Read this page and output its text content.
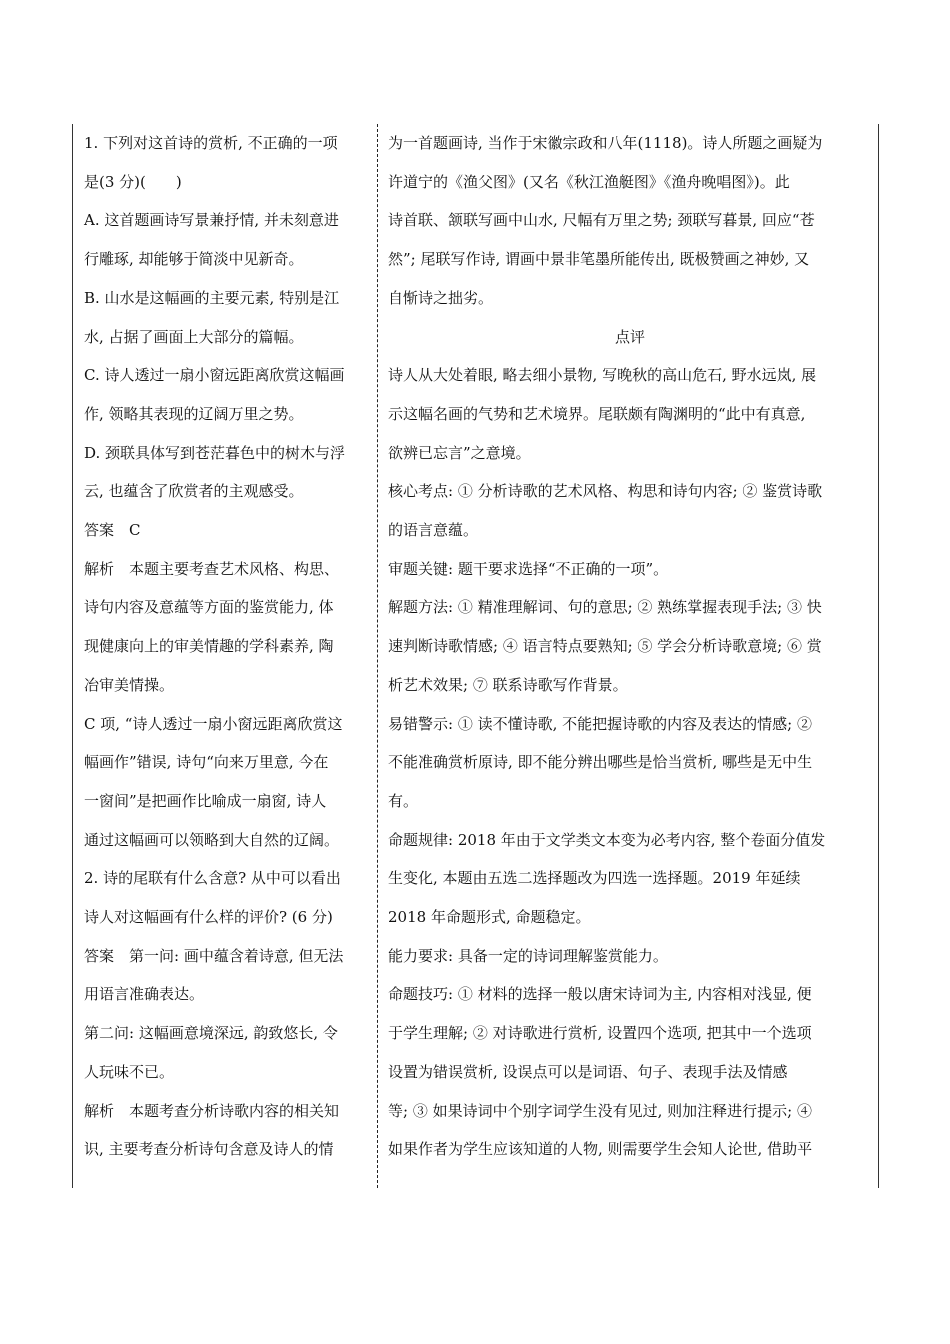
1. 下列对这首诗的赏析, 不正确的一项

是(3 分)(　　)

A. 这首题画诗写景兼抒情, 并未刻意进

行雕琢, 却能够于简淡中见新奇。

B. 山水是这幅画的主要元素, 特别是江

水, 占据了画面上大部分的篇幅。

C. 诗人透过一扇小窗远距离欣赏这幅画

作, 领略其表现的辽阔万里之势。

D. 颈联具体写到苍茫暮色中的树木与浮

云, 也蕴含了欣赏者的主观感受。

答案　C

解析　本题主要考查艺术风格、构思、

诗句内容及意蕴等方面的鉴赏能力, 体

现健康向上的审美情趣的学科素养, 陶

冶审美情操。

C 项, “诗人透过一扇小窗远距离欣赏这

幅画作”错误, 诗句“向来万里意, 今在

一窗间”是把画作比喻成一扇窗, 诗人

通过这幅画可以领略到大自然的辽阔。

2. 诗的尾联有什么含意? 从中可以看出

诗人对这幅画有什么样的评价? (6 分)

答案　第一问: 画中蕴含着诗意, 但无法

用语言准确表达。

第二问: 这幅画意境深远, 韵致悠长, 令

人玩味不已。

解析　本题考查分析诗歌内容的相关知

识, 主要考查分析诗句含意及诗人的情

为一首题画诗, 当作于宋徽宗政和八年(1118)。诗人所题之画疑为

许道宁的《渔父图》(又名《秋江渔艇图》《渔舟晚唱图》)。此

诗首联、颔联写画中山水, 尺幅有万里之势; 颈联写暮景, 回应“苍

然”; 尾联写作诗, 谓画中景非笔墨所能传出, 既极赞画之神妙, 又

自惭诗之拙劣。

点评

诗人从大处着眼, 略去细小景物, 写晚秋的高山危石, 野水远岚, 展

示这幅名画的气势和艺术境界。尾联颇有陶渊明的“此中有真意,

欲辨已忘言”之意境。

核心考点: ① 分析诗歌的艺术风格、构思和诗句内容; ② 鉴赏诗歌

的语言意蕴。

审题关键: 题干要求选择“不正确的一项”。

解题方法: ① 精准理解词、句的意思; ② 熟练掌握表现手法; ③ 快

速判断诗歌情感; ④ 语言特点要熟知; ⑤ 学会分析诗歌意境; ⑥ 赏

析艺术效果; ⑦ 联系诗歌写作背景。

易错警示: ① 读不懂诗歌, 不能把握诗歌的内容及表达的情感; ②

不能准确赏析原诗, 即不能分辨出哪些是恰当赏析, 哪些是无中生

有。

命题规律: 2018 年由于文学类文本变为必考内容, 整个卷面分值发

生变化, 本题由五选二选择题改为四选一选择题。2019 年延续

2018 年命题形式, 命题稳定。

能力要求: 具备一定的诗词理解鉴赏能力。

命题技巧: ① 材料的选择一般以唐宋诗词为主, 内容相对浅显, 便

于学生理解; ② 对诗歌进行赏析, 设置四个选项, 把其中一个选项

设置为错误赏析, 设误点可以是词语、句子、表现手法及情感

等; ③ 如果诗词中个别字词学生没有见过, 则加注释进行提示; ④

如果作者为学生应该知道的人物, 则需要学生会知人论世, 借助平
